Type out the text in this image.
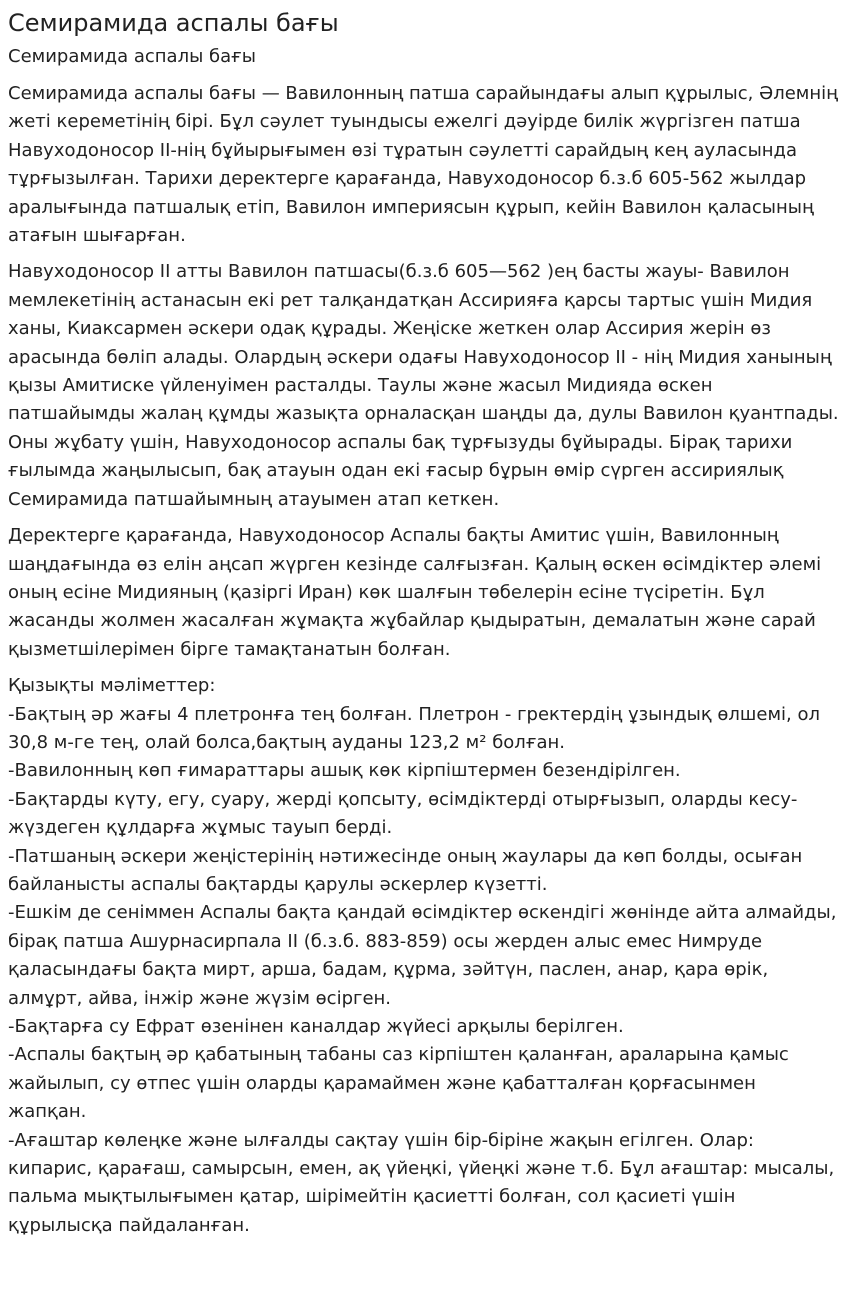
Семирамида аспалы бағы
Семирамида аспалы бағы

Семирамида аспалы бағы — Вавилонның патша сарайындағы алып құрылыс, Әлемнің жеті кереметінің бірі. Бұл сәулет туындысы ежелгі дәуірде билік жүргізген патша Навуходоносор ІІ-нің бұйырығымен өзі тұратын сәулетті сарайдың кең ауласында тұрғызылған. Тарихи деректерге қарағанда, Навуходоносор б.з.б 605-562 жылдар аралығында патшалық етіп, Вавилон империясын құрып, кейін Вавилон қаласының атағын шығарған.

Навуходоносор ІІ атты Вавилон патшасы(б.з.б 605—562 )ең басты жауы- Вавилон мемлекетінің астанасын екі рет талқандатқан Ассирияға қарсы тартыс үшін Мидия ханы, Киаксармен әскери одақ құрады. Жеңіске жеткен олар Ассирия жерін өз арасында бөліп алады. Олардың әскери одағы Навуходоносор ІІ - нің Мидия ханының қызы Амитиске үйленуімен расталды. Таулы және жасыл Мидияда өскен патшайымды жалаң құмды жазықта орналасқан шаңды да, дулы Вавилон қуантпады. Оны жұбату үшін, Навуходоносор аспалы бақ тұрғызуды бұйырады. Бірақ тарихи ғылымда жаңылысып, бақ атауын одан екі ғасыр бұрын өмір сүрген ассириялық Семирамида патшайымның атауымен атап кеткен.

Деректерге қарағанда, Навуходоносор Аспалы бақты Амитис үшін, Вавилонның шаңдағында өз елін аңсап жүрген кезінде салғызған. Қалың өскен өсімдіктер әлемі оның есіне Мидияның (қазіргі Иран) көк шалғын төбелерін есіне түсіретін. Бұл жасанды жолмен жасалған жұмақта жұбайлар қыдыратын, демалатын және сарай қызметшілерімен бірге тамақтанатын болған.

Қызықты мәліметтер:
-Бақтың әр жағы 4 плетронға тең болған. Плетрон - гректердің ұзындық өлшемі, ол 30,8 м-ге тең, олай болса,бақтың ауданы 123,2 м² болған.
-Вавилонның көп ғимараттары ашық көк кірпіштермен безендірілген.
-Бақтарды күту, егу, суару, жерді қопсыту, өсімдіктерді отырғызып, оларды кесу-жүздеген құлдарға жұмыс тауып берді.
-Патшаның әскери жеңістерінің нәтижесінде оның жаулары да көп болды, осыған байланысты аспалы бақтарды қарулы әскерлер күзетті.
-Ешкім де сеніммен Аспалы бақта қандай өсімдіктер өскендігі жөнінде айта алмайды, бірақ патша Ашурнасирпала ІІ (б.з.б. 883-859) осы жерден алыс емес Нимруде қаласындағы бақта мирт, арша, бадам, құрма, зәйтүн, паслен, анар, қара өрік, алмұрт, айва, інжір және жүзім өсірген.
-Бақтарға су Ефрат өзенінен каналдар жүйесі арқылы берілген.
-Аспалы бақтың әр қабатының табаны саз кірпіштен қаланған, араларына қамыс жайылып, су өтпес үшін оларды қарамаймен және қабатталған қорғасынмен жапқан.
-Ағаштар көлеңке және ылғалды сақтау үшін бір-біріне жақын егілген. Олар: кипарис, қарағаш, самырсын, емен, ақ үйеңкі, үйеңкі және т.б. Бұл ағаштар: мысалы, пальма мықтылығымен қатар, шірімейтін қасиетті болған, сол қасиеті үшін құрылысқа пайдаланған.
